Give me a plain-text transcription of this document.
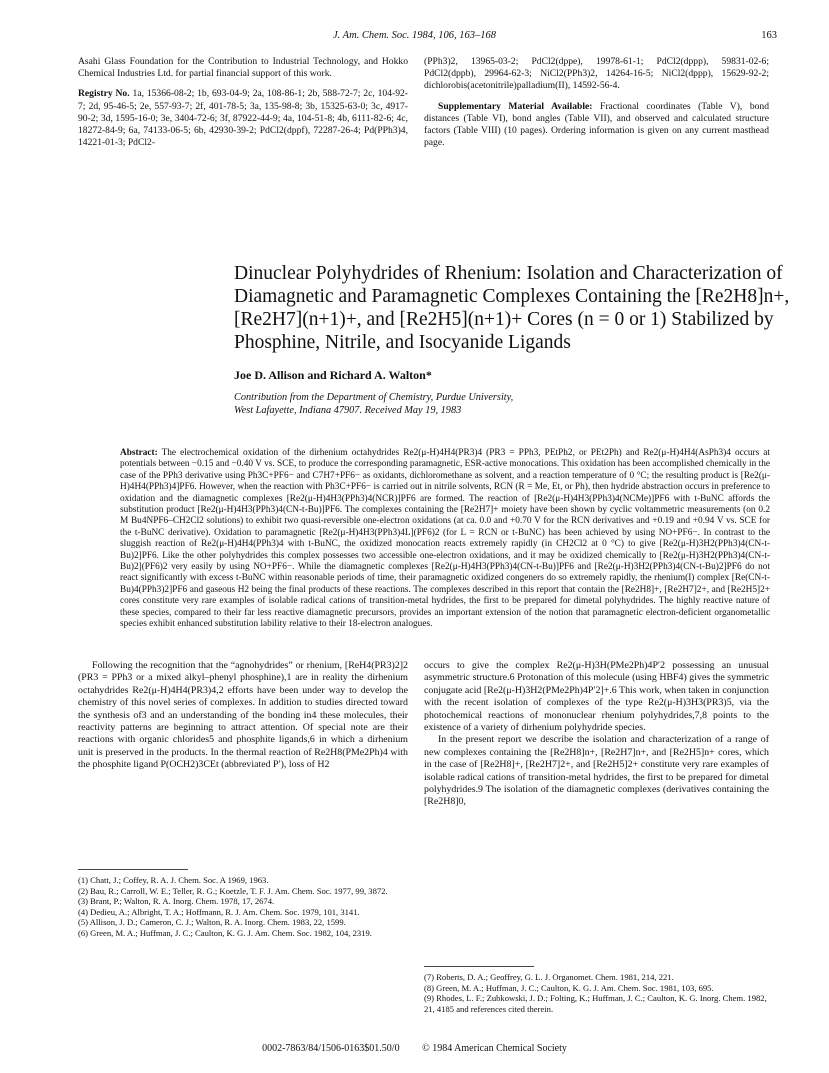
J. Am. Chem. Soc. 1984, 106, 163–168	163

Asahi Glass Foundation for the Contribution to Industrial Technology, and Hokko Chemical Industries Ltd. for partial financial support of this work.

Registry No. 1a, 15366-08-2; 1b, 693-04-9; 2a, 108-86-1; 2b, 588-72-7; 2c, 104-92-7; 2d, 95-46-5; 2e, 557-93-7; 2f, 401-78-5; 3a, 135-98-8; 3b, 15325-63-0; 3c, 4917-90-2; 3d, 1595-16-0; 3e, 3404-72-6; 3f, 87922-44-9; 4a, 104-51-8; 4b, 6111-82-6; 4c, 18272-84-9; 6a, 74133-06-5; 6b, 42930-39-2; PdCl2(dppf), 72287-26-4; Pd(PPh3)4, 14221-01-3; PdCl2-

(PPh3)2, 13965-03-2; PdCl2(dppe), 19978-61-1; PdCl2(dppp), 59831-02-6; PdCl2(dppb), 29964-62-3; NiCl2(PPh3)2, 14264-16-5; NiCl2(dppp), 15629-92-2; dichlorobis(acetonitrile)palladium(II), 14592-56-4.

Supplementary Material Available: Fractional coordinates (Table V), bond distances (Table VI), bond angles (Table VII), and observed and calculated structure factors (Table VIII) (10 pages). Ordering information is given on any current masthead page.

Dinuclear Polyhydrides of Rhenium: Isolation and Characterization of Diamagnetic and Paramagnetic Complexes Containing the [Re2H8]n+, [Re2H7](n+1)+, and [Re2H5](n+1)+ Cores (n = 0 or 1) Stabilized by Phosphine, Nitrile, and Isocyanide Ligands
Joe D. Allison and Richard A. Walton*
Contribution from the Department of Chemistry, Purdue University,
West Lafayette, Indiana 47907. Received May 19, 1983
Abstract: The electrochemical oxidation of the dirhenium octahydrides Re2(μ-H)4H4(PR3)4 (PR3 = PPh3, PEtPh2, or PEt2Ph) and Re2(μ-H)4H4(AsPh3)4 occurs at potentials between −0.15 and −0.40 V vs. SCE, to produce the corresponding paramagnetic, ESR-active monocations. This oxidation has been accomplished chemically in the case of the PPh3 derivative using Ph3C+PF6− and C7H7+PF6− as oxidants, dichloromethane as solvent, and a reaction temperature of 0 °C; the resulting product is [Re2(μ-H)4H4(PPh3)4]PF6. However, when the reaction with Ph3C+PF6− is carried out in nitrile solvents, RCN (R = Me, Et, or Ph), then hydride abstraction occurs in preference to oxidation and the diamagnetic complexes [Re2(μ-H)4H3(PPh3)4(NCR)]PF6 are formed. The reaction of [Re2(μ-H)4H3(PPh3)4(NCMe)]PF6 with t-BuNC affords the substitution product [Re2(μ-H)4H3(PPh3)4(CN-t-Bu)]PF6. The complexes containing the [Re2H7]+ moiety have been shown by cyclic voltammetric measurements (on 0.2 M Bu4NPF6–CH2Cl2 solutions) to exhibit two quasi-reversible one-electron oxidations (at ca. 0.0 and +0.70 V for the RCN derivatives and +0.19 and +0.94 V vs. SCE for the t-BuNC derivative). Oxidation to paramagnetic [Re2(μ-H)4H3(PPh3)4L](PF6)2 (for L = RCN or t-BuNC) has been achieved by using NO+PF6−. In contrast to the sluggish reaction of Re2(μ-H)4H4(PPh3)4 with t-BuNC, the oxidized monocation reacts extremely rapidly (in CH2Cl2 at 0 °C) to give [Re2(μ-H)3H2(PPh3)4(CN-t-Bu)2]PF6. Like the other polyhydrides this complex possesses two accessible one-electron oxidations, and it may be oxidized chemically to [Re2(μ-H)3H2(PPh3)4(CN-t-Bu)2](PF6)2 very easily by using NO+PF6−. While the diamagnetic complexes [Re2(μ-H)4H3(PPh3)4(CN-t-Bu)]PF6 and [Re2(μ-H)3H2(PPh3)4(CN-t-Bu)2]PF6 do not react significantly with excess t-BuNC within reasonable periods of time, their paramagnetic oxidized congeners do so extremely rapidly, the rhenium(I) complex [Re(CN-t-Bu)4(PPh3)2]PF6 and gaseous H2 being the final products of these reactions. The complexes described in this report that contain the [Re2H8]+, [Re2H7]2+, and [Re2H5]2+ cores constitute very rare examples of isolable radical cations of transition-metal hydrides, the first to be prepared for dimetal polyhydrides. The highly reactive nature of these species, compared to their far less reactive diamagnetic precursors, provides an important extension of the notion that paramagnetic electron-deficient organometallic species exhibit enhanced substitution lability relative to their 18-electron analogues.

Following the recognition that the “agnohydrides” or rhenium, [ReH4(PR3)2]2 (PR3 = PPh3 or a mixed alkyl–phenyl phosphine),1 are in reality the dirhenium octahydrides Re2(μ-H)4H4(PR3)4,2 efforts have been under way to develop the chemistry of this novel series of complexes. In addition to studies directed toward the synthesis of3 and an understanding of the bonding in4 these molecules, their reactivity patterns are beginning to attract attention. Of special note are their reactions with organic chlorides5 and phosphite ligands,6 in which a dirhenium unit is preserved in the products. In the thermal reaction of Re2H8(PMe2Ph)4 with the phosphite ligand P(OCH2)3CEt (abbreviated P′), loss of H2

occurs to give the complex Re2(μ-H)3H(PMe2Ph)4P′2 possessing an unusual asymmetric structure.6 Protonation of this molecule (using HBF4) gives the symmetric conjugate acid [Re2(μ-H)3H2(PMe2Ph)4P′2]+.6 This work, when taken in conjunction with the recent isolation of complexes of the type Re2(μ-H)3H3(PR3)5, via the photochemical reactions of mononuclear rhenium polyhydrides,7,8 points to the existence of a variety of dirhenium polyhydride species.

In the present report we describe the isolation and characterization of a range of new complexes containing the [Re2H8]n+, [Re2H7]n+, and [Re2H5]n+ cores, which in the case of [Re2H8]+, [Re2H7]2+, and [Re2H5]2+ constitute very rare examples of isolable radical cations of transition-metal hydrides, the first to be prepared for dimetal polyhydrides.9 The isolation of the diamagnetic complexes (derivatives containing the [Re2H8]0,

(1) Chatt, J.; Coffey, R. A. J. Chem. Soc. A 1969, 1963.

(2) Bau, R.; Carroll, W. E.; Teller, R. G.; Koetzle, T. F. J. Am. Chem. Soc. 1977, 99, 3872.

(3) Brant, P.; Walton, R. A. Inorg. Chem. 1978, 17, 2674.

(4) Dedieu, A.; Albright, T. A.; Hoffmann, R. J. Am. Chem. Soc. 1979, 101, 3141.

(5) Allison, J. D.; Cameron, C. J.; Walton, R. A. Inorg. Chem. 1983, 22, 1599.

(6) Green, M. A.; Huffman, J. C.; Caulton, K. G. J. Am. Chem. Soc. 1982, 104, 2319.

(7) Roberts, D. A.; Geoffrey, G. L. J. Organomet. Chem. 1981, 214, 221.

(8) Green, M. A.; Huffman, J. C.; Caulton, K. G. J. Am. Chem. Soc. 1981, 103, 695.

(9) Rhodes, L. F.; Zubkowski, J. D.; Folting, K.; Huffman, J. C.; Caulton, K. G. Inorg. Chem. 1982, 21, 4185 and references cited therein.

0002-7863/84/1506-0163$01.50/0 © 1984 American Chemical Society
